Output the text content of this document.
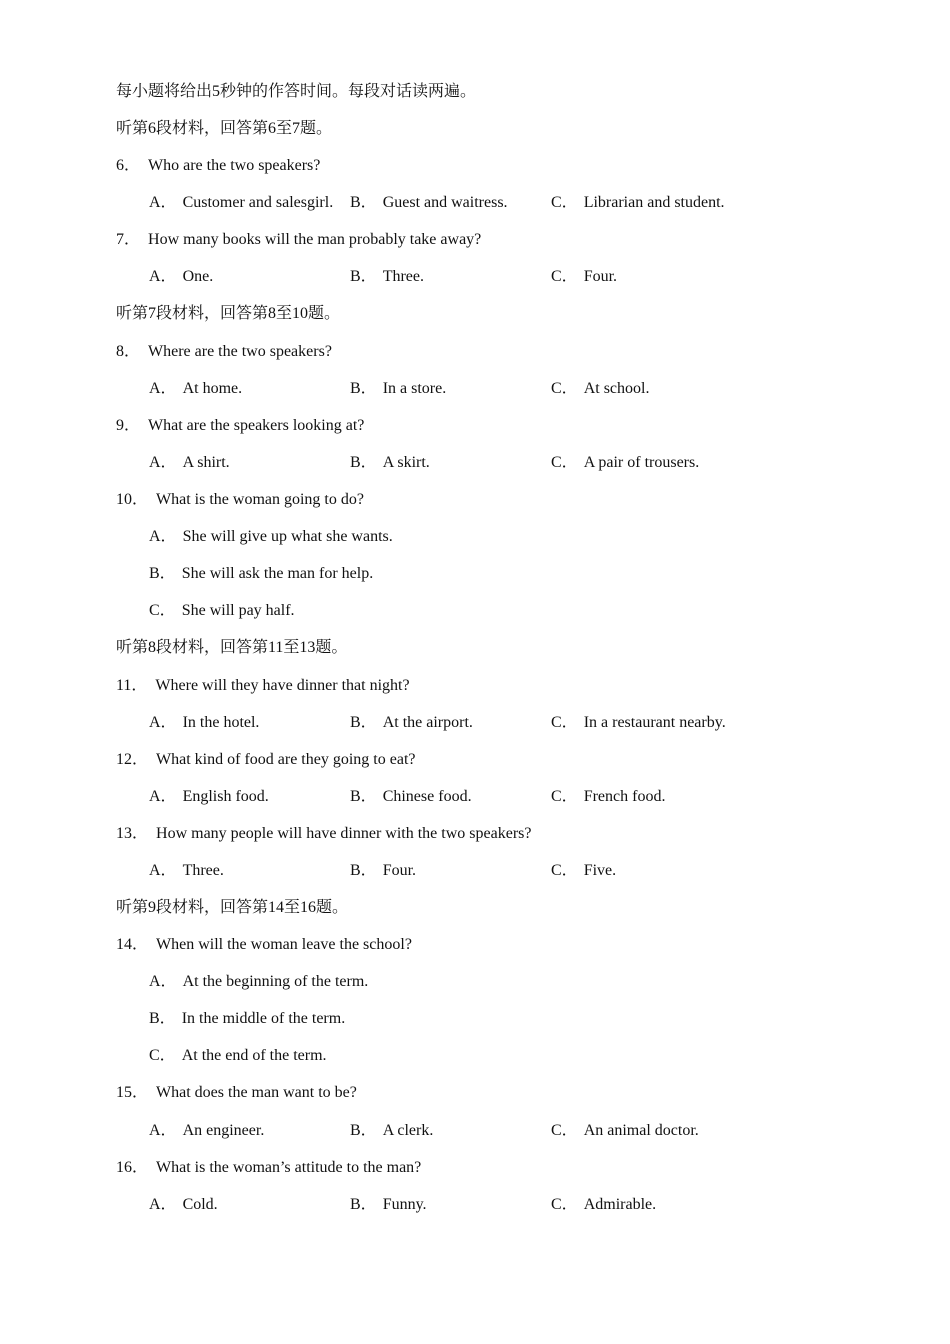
每小题将给出5秒钟的作答时间。每段对话读两遍。
听第6段材料，回答第6至7题。
6． Who are the two speakers?
A． Customer and salesgirl. B． Guest and waitress.	C． Librarian and student.
7． How many books will the man probably take away?
A． One.	B． Three.	C． Four.
听第7段材料，回答第8至10题。
8． Where are the two speakers?
A． At home.	B． In a store.	C． At school.
9． What are the speakers looking at?
A． A shirt.	B． A skirt.	C． A pair of trousers.
10． What is the woman going to do?
A． She will give up what she wants.
B． She will ask the man for help.
C． She will pay half.
听第8段材料，回答第11至13题。
11． Where will they have dinner that night?
A． In the hotel.	B． At the airport.	C． In a restaurant nearby.
12． What kind of food are they going to eat?
A． English food.	B． Chinese food.	C． French food.
13． How many people will have dinner with the two speakers?
A． Three.	B． Four.	C． Five.
听第9段材料，回答第14至16题。
14． When will the woman leave the school?
A． At the beginning of the term.
B． In the middle of the term.
C． At the end of the term.
15． What does the man want to be?
A． An engineer.	B． A clerk.	C． An animal doctor.
16． What is the woman’s attitude to the man?
A． Cold.	B． Funny.	C． Admirable.
